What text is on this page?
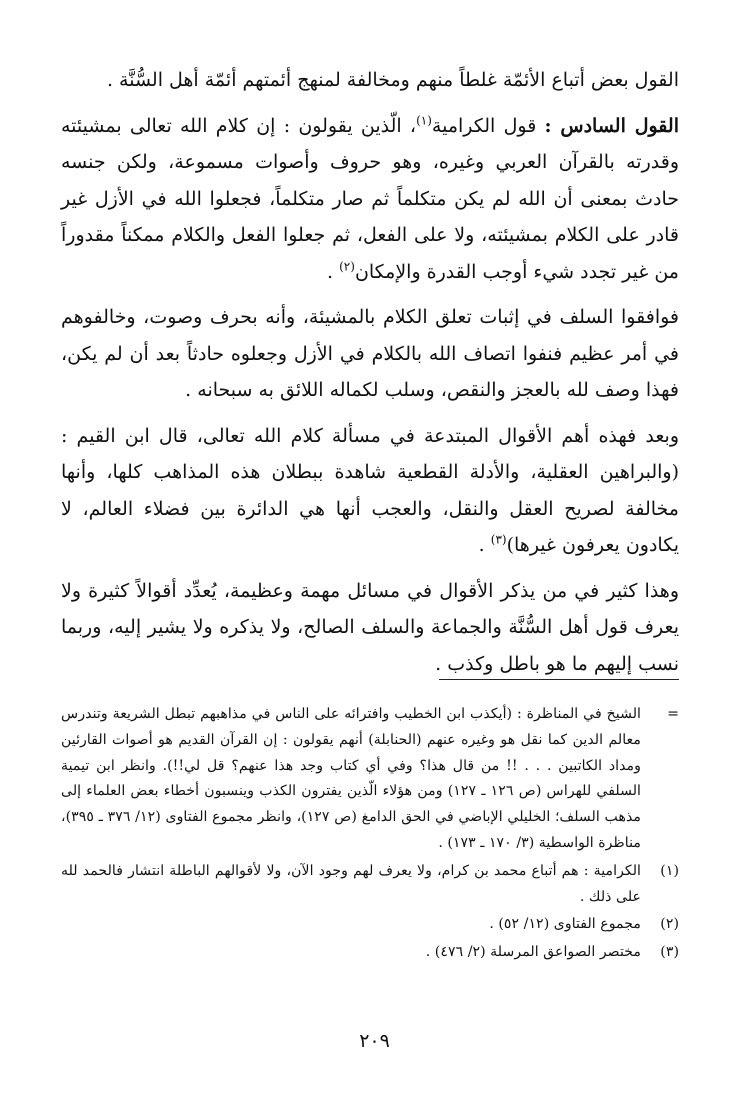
القول بعض أتباع الأئمّة غلطاً منهم ومخالفة لمنهج أئمتهم أئمّة أهل السُّنَّة .

القول السادس : قول الكرامية$^{(١)}$، الّذين يقولون : إن كلام الله تعالى بمشيئته وقدرته بالقرآن العربي وغيره، وهو حروف وأصوات مسموعة، ولكن جنسه حادث بمعنى أن الله لم يكن متكلماً ثم صار متكلماً، فجعلوا الله في الأزل غير قادر على الكلام بمشيئته، ولا على الفعل، ثم جعلوا الفعل والكلام ممكناً مقدوراً من غير تجدد شيء أوجب القدرة والإمكان$^{(٢)}$ .

فوافقوا السلف في إثبات تعلق الكلام بالمشيئة، وأنه بحرف وصوت، وخالفوهم في أمر عظيم فنفوا اتصاف الله بالكلام في الأزل وجعلوه حادثاً بعد أن لم يكن، فهذا وصف لله بالعجز والنقص، وسلب لكماله اللائق به سبحانه .

وبعد فهذه أهم الأقوال المبتدعة في مسألة كلام الله تعالى، قال ابن القيم : (والبراهين العقلية، والأدلة القطعية شاهدة ببطلان هذه المذاهب كلها، وأنها مخالفة لصريح العقل والنقل، والعجب أنها هي الدائرة بين فضلاء العالم، لا يكادون يعرفون غيرها)$^{(٣)}$ .

وهذا كثير في من يذكر الأقوال في مسائل مهمة وعظيمة، يُعدِّد أقوالاً كثيرة ولا يعرف قول أهل السُّنَّة والجماعة والسلف الصالح، ولا يذكره ولا يشير إليه، وربما نسب إليهم ما هو باطل وكذب .

=
الشيخ في المناظرة : (أيكذب ابن الخطيب وافترائه على الناس في مذاهبهم تبطل الشريعة وتندرس معالم الدين كما نقل هو وغيره عنهم (الحنابلة) أنهم يقولون : إن القرآن القديم هو أصوات القارئين ومداد الكاتبين . . . !! من قال هذا؟ وفي أي كتاب وجد هذا عنهم؟ قل لي!!). وانظر ابن تيمية السلفي للهراس (ص ١٢٦ ـ ١٢٧) ومن هؤلاء الّذين يفترون الكذب وينسبون أخطاء بعض العلماء إلى مذهب السلف؛ الخليلي الإباضي في الحق الدامغ (ص ١٢٧)، وانظر مجموع الفتاوى (١٢/ ٣٧٦ ـ ٣٩٥)، مناظرة الواسطية (٣/ ١٧٠ ـ ١٧٣) .
(١)
الكرامية : هم أتباع محمد بن كرام، ولا يعرف لهم وجود الآن، ولا لأقوالهم الباطلة انتشار فالحمد لله على ذلك .
(٢)
مجموع الفتاوى (١٢/ ٥٢) .
(٣)
مختصر الصواعق المرسلة (٢/ ٤٧٦) .
٢٠٩
